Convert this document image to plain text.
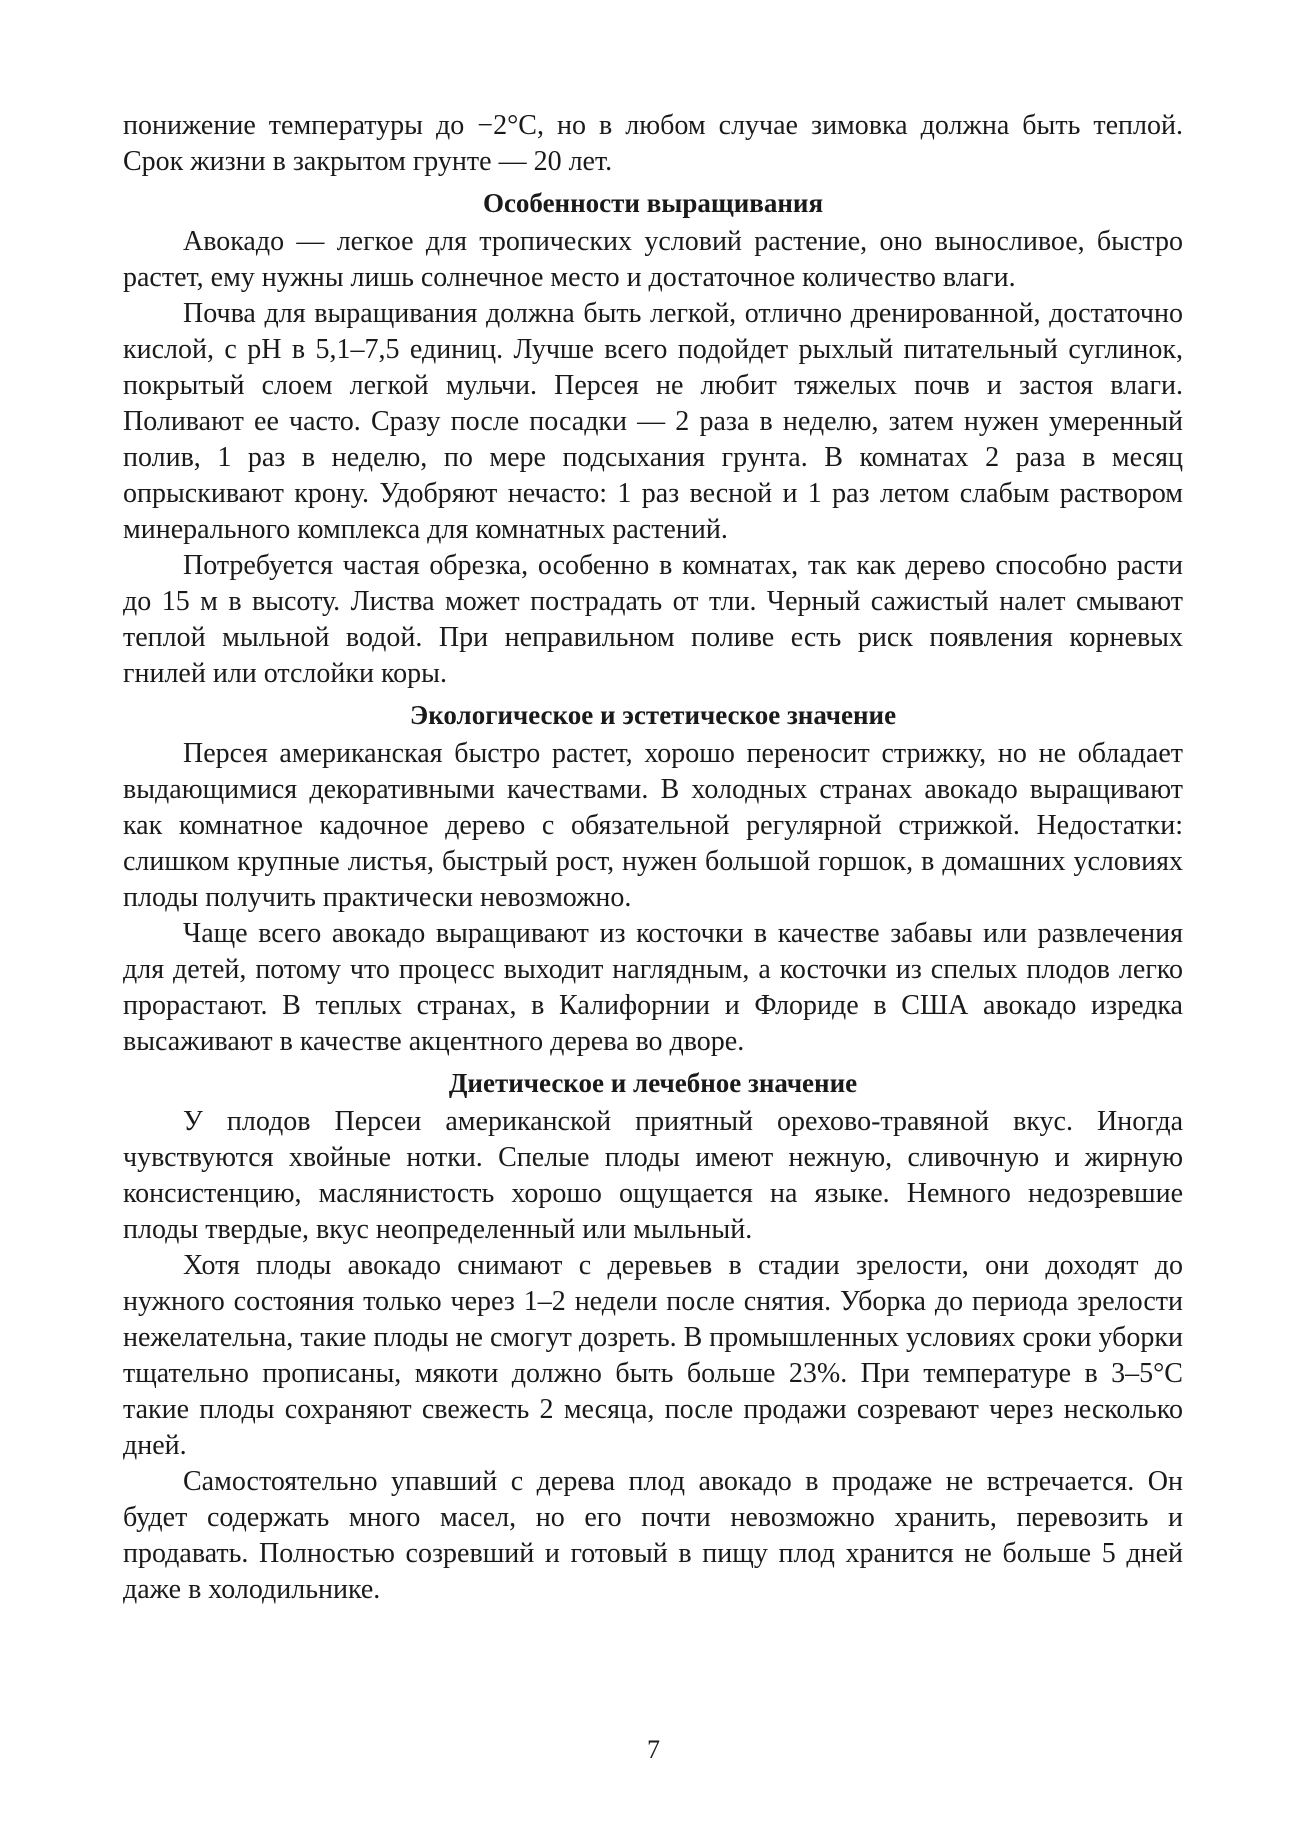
понижение температуры до −2°С, но в любом случае зимовка должна быть теплой. Срок жизни в закрытом грунте — 20 лет.

Особенности выращивания

Авокадо — легкое для тропических условий растение, оно выносливое, быстро растет, ему нужны лишь солнечное место и достаточное количество влаги.

Почва для выращивания должна быть легкой, отлично дренированной, достаточно кислой, с рН в 5,1–7,5 единиц. Лучше всего подойдет рыхлый питательный суглинок, покрытый слоем легкой мульчи. Персея не любит тяжелых почв и застоя влаги. Поливают ее часто. Сразу после посадки — 2 раза в неделю, затем нужен умеренный полив, 1 раз в неделю, по мере подсыхания грунта. В комнатах 2 раза в месяц опрыскивают крону. Удобряют нечасто: 1 раз весной и 1 раз летом слабым раствором минерального комплекса для комнатных растений.

Потребуется частая обрезка, особенно в комнатах, так как дерево способно расти до 15 м в высоту. Листва может пострадать от тли. Черный сажистый налет смывают теплой мыльной водой. При неправильном поливе есть риск появления корневых гнилей или отслойки коры.

Экологическое и эстетическое значение

Персея американская быстро растет, хорошо переносит стрижку, но не обладает выдающимися декоративными качествами. В холодных странах авокадо выращивают как комнатное кадочное дерево с обязательной регулярной стрижкой. Недостатки: слишком крупные листья, быстрый рост, нужен большой горшок, в домашних условиях плоды получить практически невозможно.

Чаще всего авокадо выращивают из косточки в качестве забавы или развлечения для детей, потому что процесс выходит наглядным, а косточки из спелых плодов легко прорастают. В теплых странах, в Калифорнии и Флориде в США авокадо изредка высаживают в качестве акцентного дерева во дворе.

Диетическое и лечебное значение

У плодов Персеи американской приятный орехово-травяной вкус. Иногда чувствуются хвойные нотки. Спелые плоды имеют нежную, сливочную и жирную консистенцию, маслянистость хорошо ощущается на языке. Немного недозревшие плоды твердые, вкус неопределенный или мыльный.

Хотя плоды авокадо снимают с деревьев в стадии зрелости, они доходят до нужного состояния только через 1–2 недели после снятия. Уборка до периода зрелости нежелательна, такие плоды не смогут дозреть. В промышленных условиях сроки уборки тщательно прописаны, мякоти должно быть больше 23%. При температуре в 3–5°С такие плоды сохраняют свежесть 2 месяца, после продажи созревают через несколько дней.

Самостоятельно упавший с дерева плод авокадо в продаже не встречается. Он будет содержать много масел, но его почти невозможно хранить, перевозить и продавать. Полностью созревший и готовый в пищу плод хранится не больше 5 дней даже в холодильнике.

7
